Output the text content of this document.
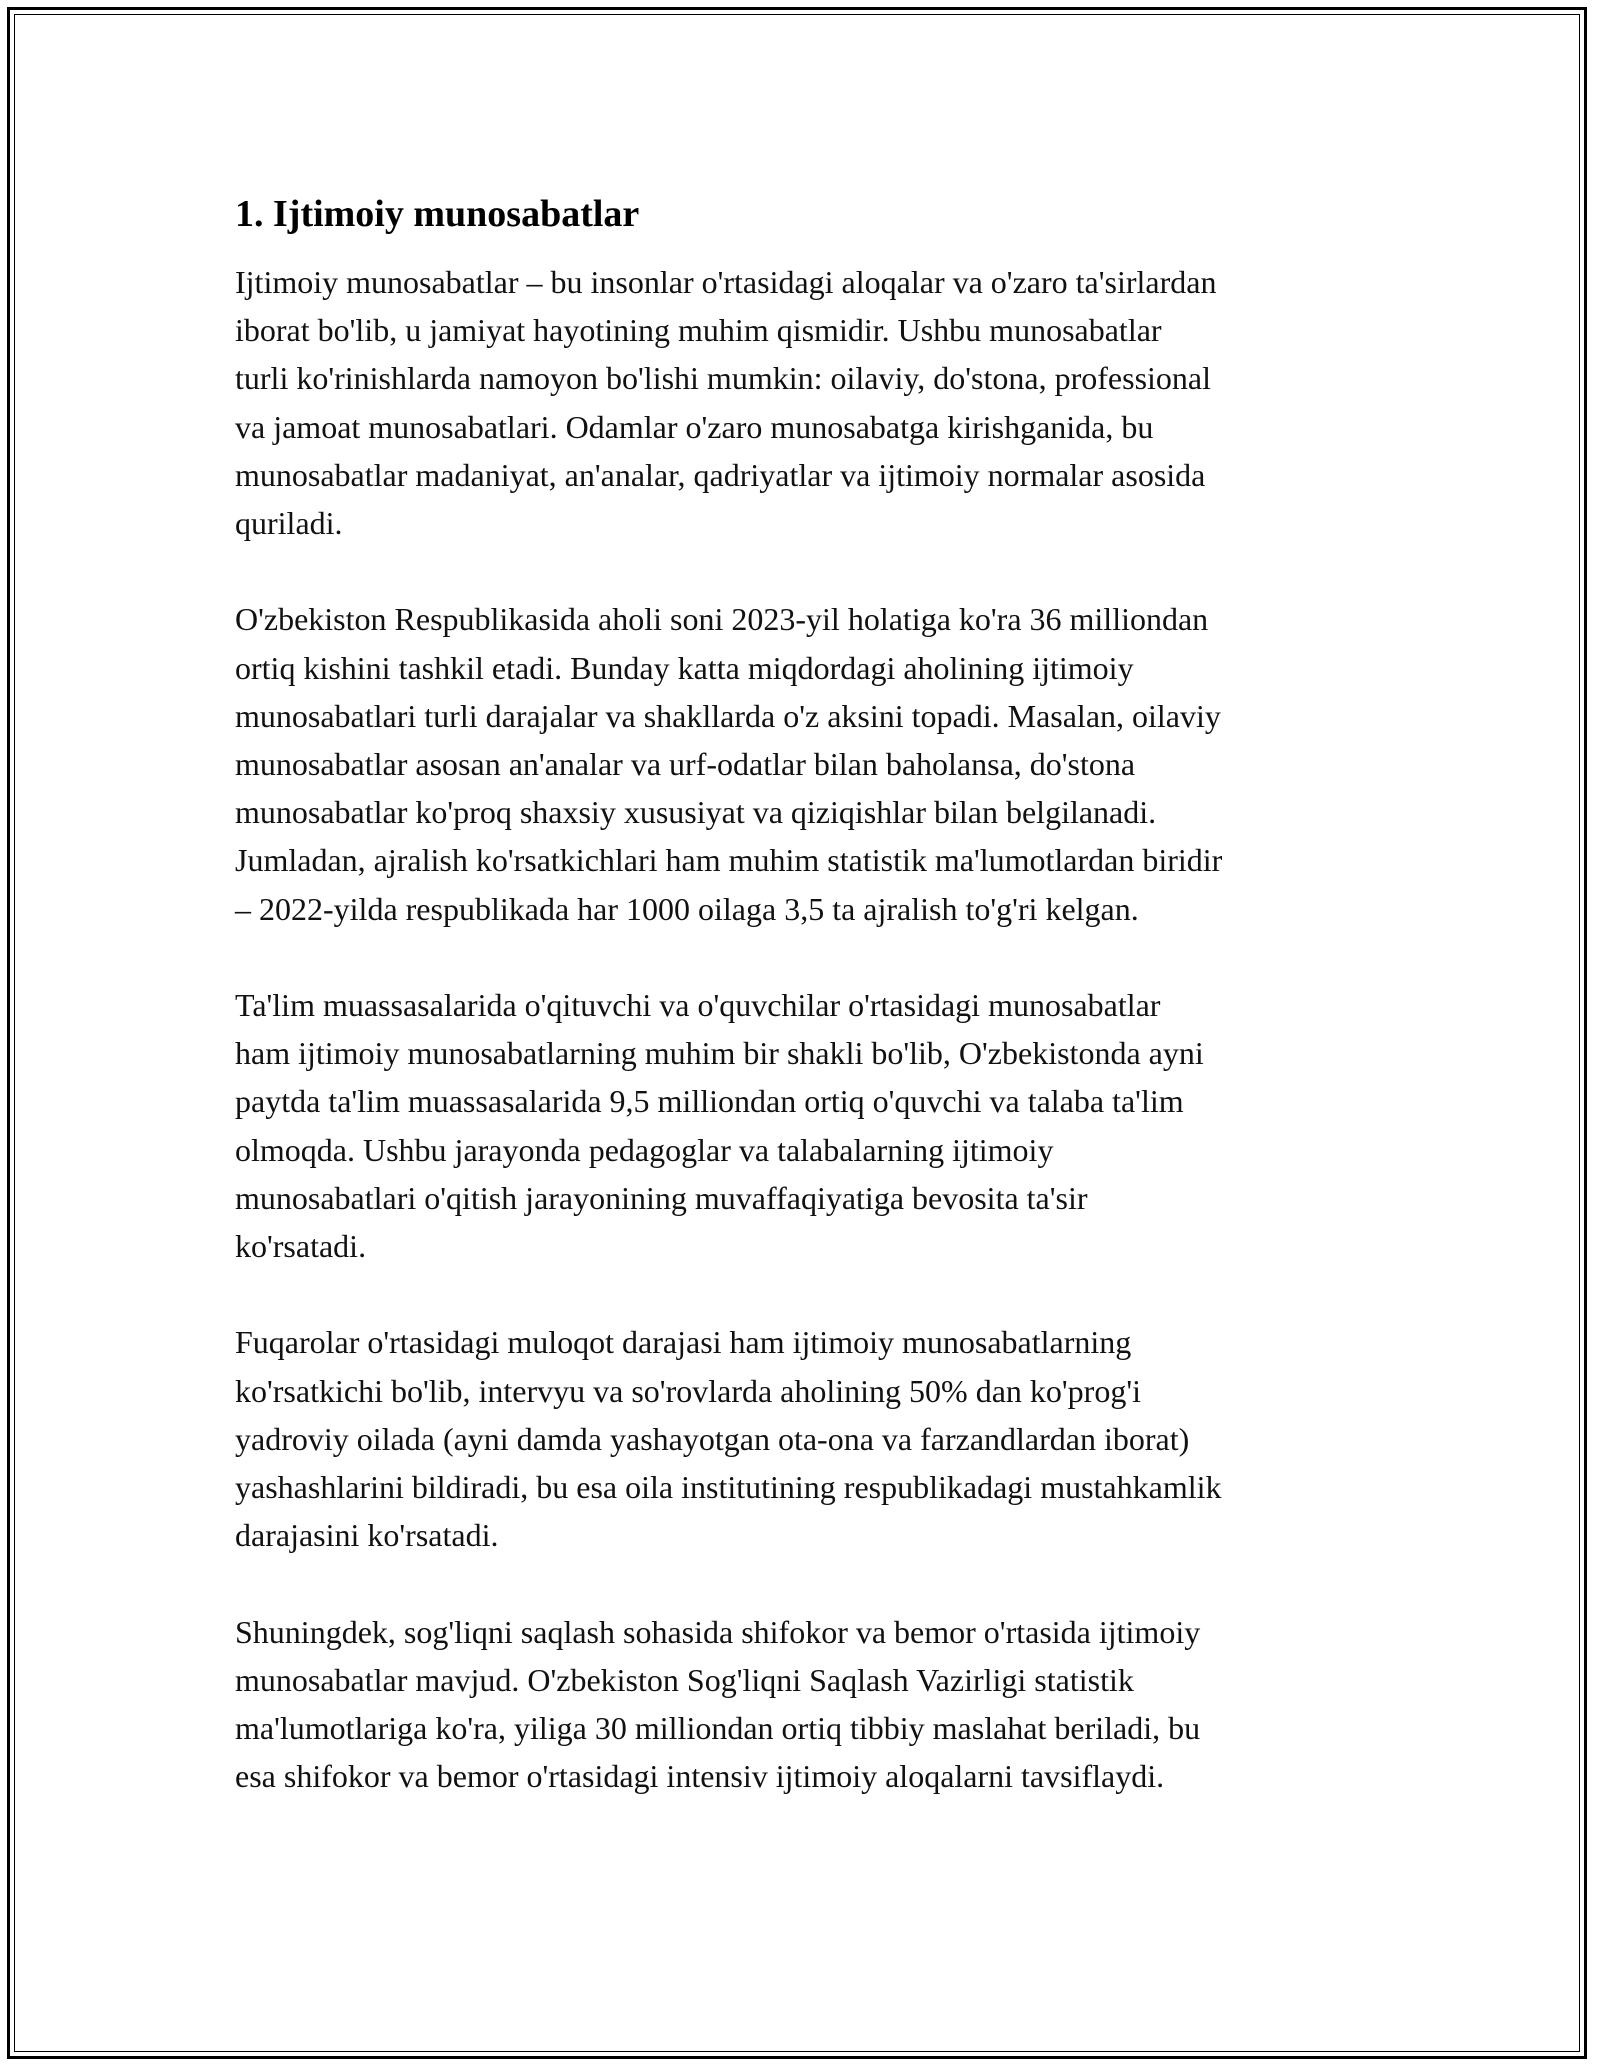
1. Ijtimoiy munosabatlar

Ijtimoiy munosabatlar – bu insonlar o'rtasidagi aloqalar va o'zaro ta'sirlardan
iborat bo'lib, u jamiyat hayotining muhim qismidir. Ushbu munosabatlar
turli ko'rinishlarda namoyon bo'lishi mumkin: oilaviy, do'stona, professional
va jamoat munosabatlari. Odamlar o'zaro munosabatga kirishganida, bu
munosabatlar madaniyat, an'analar, qadriyatlar va ijtimoiy normalar asosida
quriladi.

O'zbekiston Respublikasida aholi soni 2023-yil holatiga ko'ra 36 milliondan
ortiq kishini tashkil etadi. Bunday katta miqdordagi aholining ijtimoiy
munosabatlari turli darajalar va shakllarda o'z aksini topadi. Masalan, oilaviy
munosabatlar asosan an'analar va urf-odatlar bilan baholansa, do'stona
munosabatlar ko'proq shaxsiy xususiyat va qiziqishlar bilan belgilanadi.
Jumladan, ajralish ko'rsatkichlari ham muhim statistik ma'lumotlardan biridir
– 2022-yilda respublikada har 1000 oilaga 3,5 ta ajralish to'g'ri kelgan.

Ta'lim muassasalarida o'qituvchi va o'quvchilar o'rtasidagi munosabatlar
ham ijtimoiy munosabatlarning muhim bir shakli bo'lib, O'zbekistonda ayni
paytda ta'lim muassasalarida 9,5 milliondan ortiq o'quvchi va talaba ta'lim
olmoqda. Ushbu jarayonda pedagoglar va talabalarning ijtimoiy
munosabatlari o'qitish jarayonining muvaffaqiyatiga bevosita ta'sir
ko'rsatadi.

Fuqarolar o'rtasidagi muloqot darajasi ham ijtimoiy munosabatlarning
ko'rsatkichi bo'lib, intervyu va so'rovlarda aholining 50% dan ko'prog'i
yadroviy oilada (ayni damda yashayotgan ota-ona va farzandlardan iborat)
yashashlarini bildiradi, bu esa oila institutining respublikadagi mustahkamlik
darajasini ko'rsatadi.

Shuningdek, sog'liqni saqlash sohasida shifokor va bemor o'rtasida ijtimoiy
munosabatlar mavjud. O'zbekiston Sog'liqni Saqlash Vazirligi statistik
ma'lumotlariga ko'ra, yiliga 30 milliondan ortiq tibbiy maslahat beriladi, bu
esa shifokor va bemor o'rtasidagi intensiv ijtimoiy aloqalarni tavsiflaydi.
